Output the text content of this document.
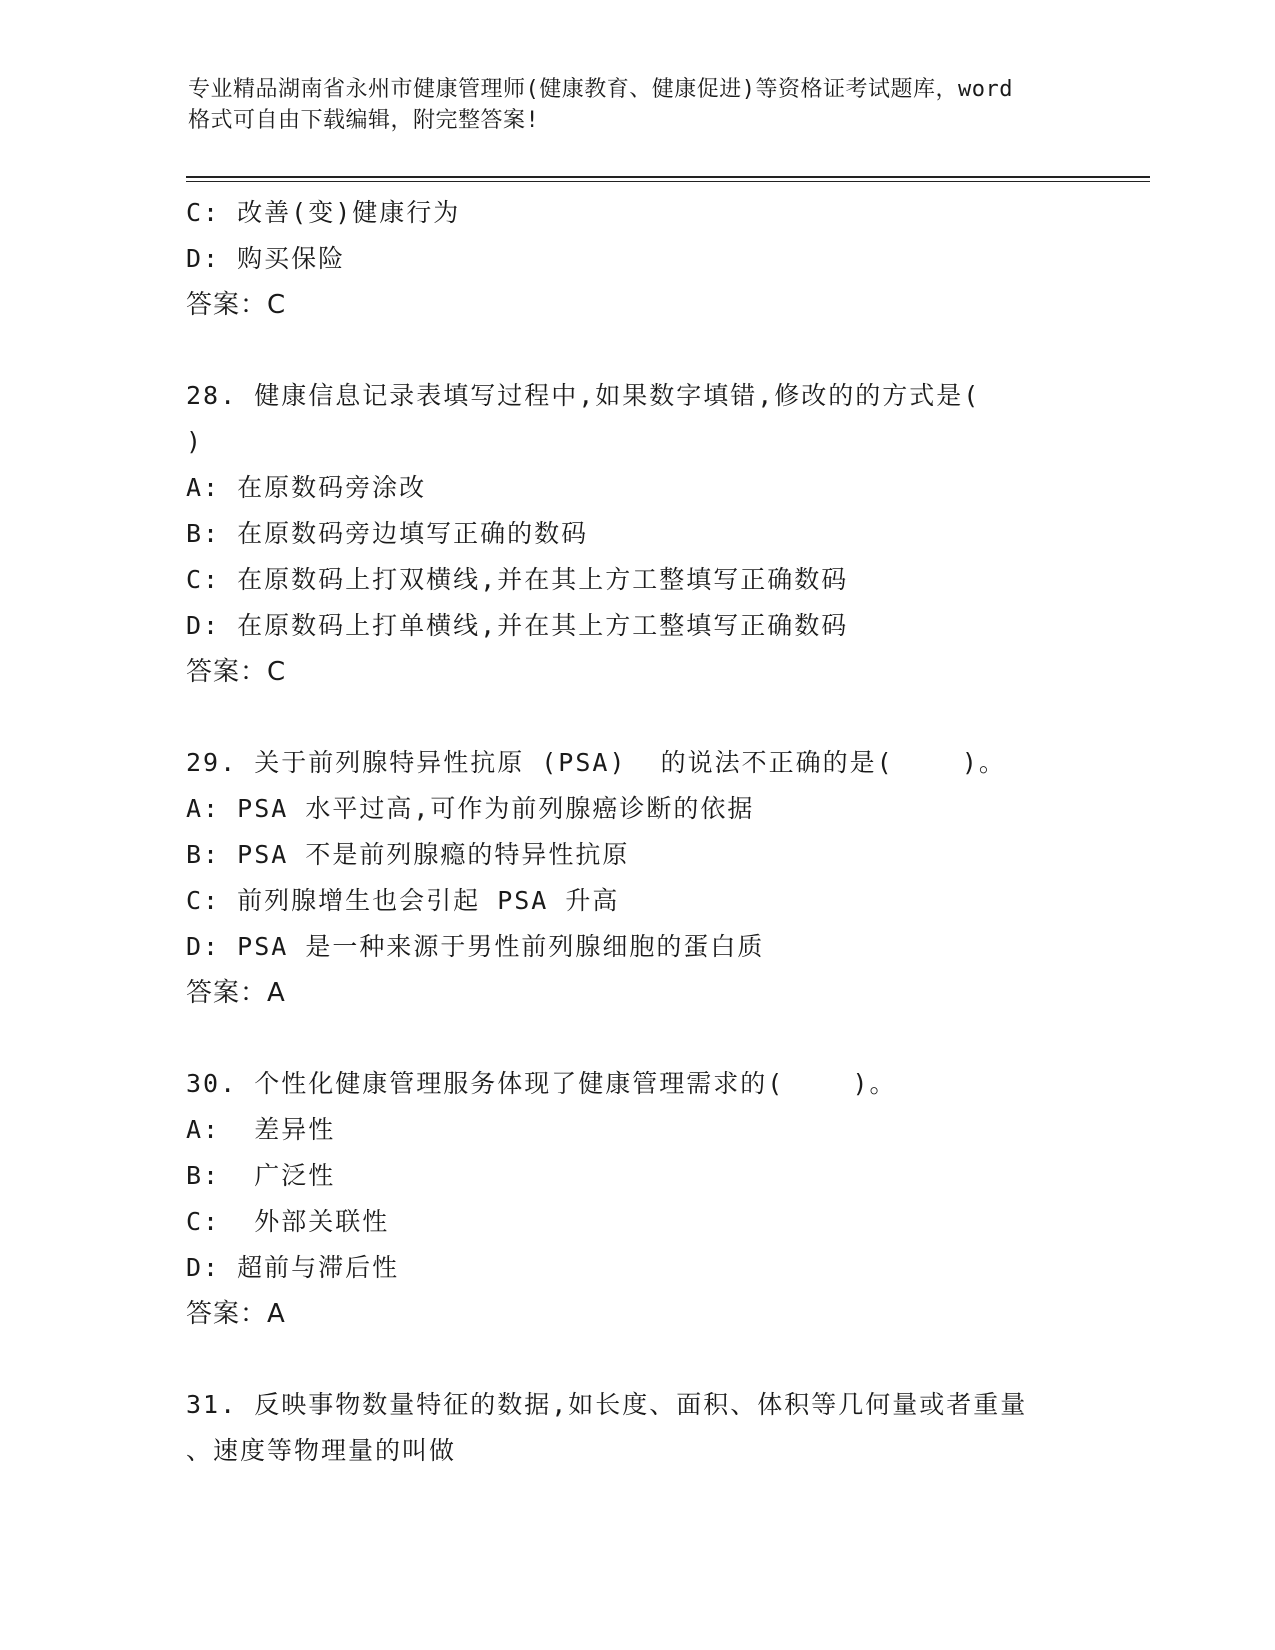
专业精品湖南省永州市健康管理师(健康教育、健康促进)等资格证考试题库，word
格式可自由下载编辑，附完整答案!
C: 改善(变)健康行为
D: 购买保险
答案：C
28. 健康信息记录表填写过程中,如果数字填错,修改的的方式是(
)
A: 在原数码旁涂改
B: 在原数码旁边填写正确的数码
C: 在原数码上打双横线,并在其上方工整填写正确数码
D: 在原数码上打单横线,并在其上方工整填写正确数码
答案：C
29. 关于前列腺特异性抗原 (PSA)  的说法不正确的是(    )。
A: PSA 水平过高,可作为前列腺癌诊断的依据
B: PSA 不是前列腺瘾的特异性抗原
C: 前列腺增生也会引起 PSA 升高
D: PSA 是一种来源于男性前列腺细胞的蛋白质
答案：A
30. 个性化健康管理服务体现了健康管理需求的(    )。
A:  差异性
B:  广泛性
C:  外部关联性
D: 超前与滞后性
答案：A
31. 反映事物数量特征的数据,如长度、面积、体积等几何量或者重量
、速度等物理量的叫做
